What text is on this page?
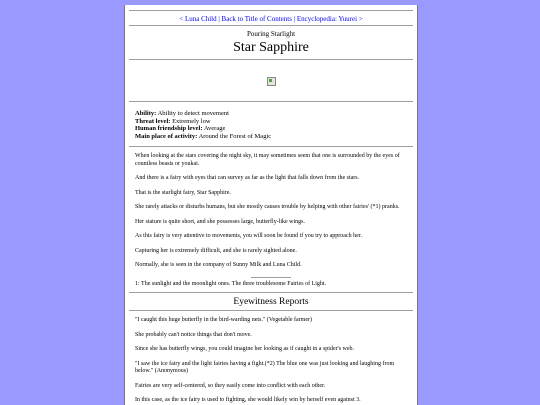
< Luna Child | Back to Title of Contents | Encyclopedia: Yuurei >
Pouring Starlight
Star Sapphire
Ability: Ability to detect movement
Threat level: Extremely low
Human friendship level: Average
Main place of activity: Around the Forest of Magic

When looking at the stars covering the night sky, it may sometimes seem that one is surrounded by the eyes of countless beasts or youkai.

And there is a fairy with eyes that can survey as far as the light that falls down from the stars.

That is the starlight fairy, Star Sapphire.

She rarely attacks or disturbs humans, but she mostly causes trouble by helping with other fairies' (*1) pranks.

Her stature is quite short, and she possesses large, butterfly-like wings.

As this fairy is very attentive to movements, you will soon be found if you try to approach her.

Capturing her is extremely difficult, and she is rarely sighted alone.

Normally, she is seen in the company of Sunny Milk and Luna Child.

1: The sunlight and the moonlight ones. The three troublesome Fairies of Light.
Eyewitness Reports

"I caught this huge butterfly in the bird-warding nets." (Vegetable farmer)

She probably can't notice things that don't move.

Since she has butterfly wings, you could imagine her looking as if caught in a spider's web.

"I saw the ice fairy and the light fairies having a fight.(*2) The blue one was just looking and laughing from below." (Anonymous)

Fairies are very self-centered, so they easily come into conflict with each other.

In this case, as the ice fairy is used to fighting, she would likely win by herself even against 3.
